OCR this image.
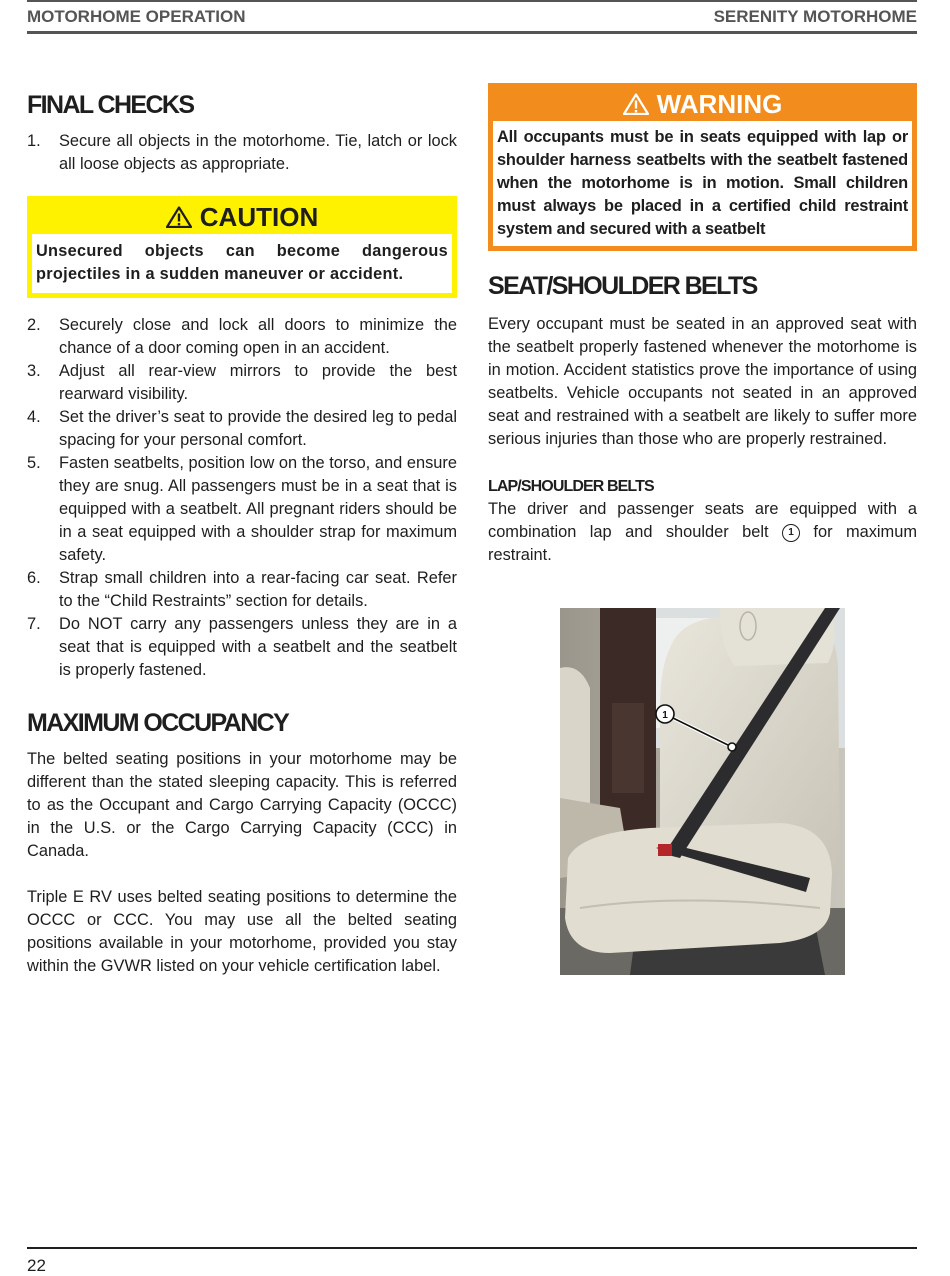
MOTORHOME OPERATION	SERENITY MOTORHOME
FINAL CHECKS
1. Secure all objects in the motorhome. Tie, latch or lock all loose objects as appropriate.
CAUTION
Unsecured objects can become dangerous projectiles in a sudden maneuver or accident.
2. Securely close and lock all doors to minimize the chance of a door coming open in an accident.
3. Adjust all rear-view mirrors to provide the best rearward visibility.
4. Set the driver’s seat to provide the desired leg to pedal spacing for your personal comfort.
5. Fasten seatbelts, position low on the torso, and ensure they are snug. All passengers must be in a seat that is equipped with a seatbelt. All pregnant riders should be in a seat equipped with a shoulder strap for maximum safety.
6. Strap small children into a rear-facing car seat. Refer to the “Child Restraints” section for details.
7. Do NOT carry any passengers unless they are in a seat that is equipped with a seatbelt and the seatbelt is properly fastened.
MAXIMUM OCCUPANCY

The belted seating positions in your motorhome may be different than the stated sleeping capacity. This is referred to as the Occupant and Cargo Carrying Capacity (OCCC) in the U.S. or the Cargo Carrying Capacity (CCC) in Canada.

Triple E RV uses belted seating positions to determine the OCCC or CCC. You may use all the belted seating positions available in your motorhome, provided you stay within the GVWR listed on your vehicle certification label.

WARNING
All occupants must be in seats equipped with lap or shoulder harness seatbelts with the seatbelt fastened when the motorhome is in motion. Small children must always be placed in a certified child restraint system and secured with a seatbelt
SEAT/SHOULDER BELTS

Every occupant must be seated in an approved seat with the seatbelt properly fastened whenever the motorhome is in motion. Accident statistics prove the importance of using seatbelts. Vehicle occupants not seated in an approved seat and restrained with a seatbelt are likely to suffer more serious injuries than those who are properly restrained.

LAP/SHOULDER BELTS

The driver and passenger seats are equipped with a combination lap and shoulder belt 1 for maximum restraint.

1
22
